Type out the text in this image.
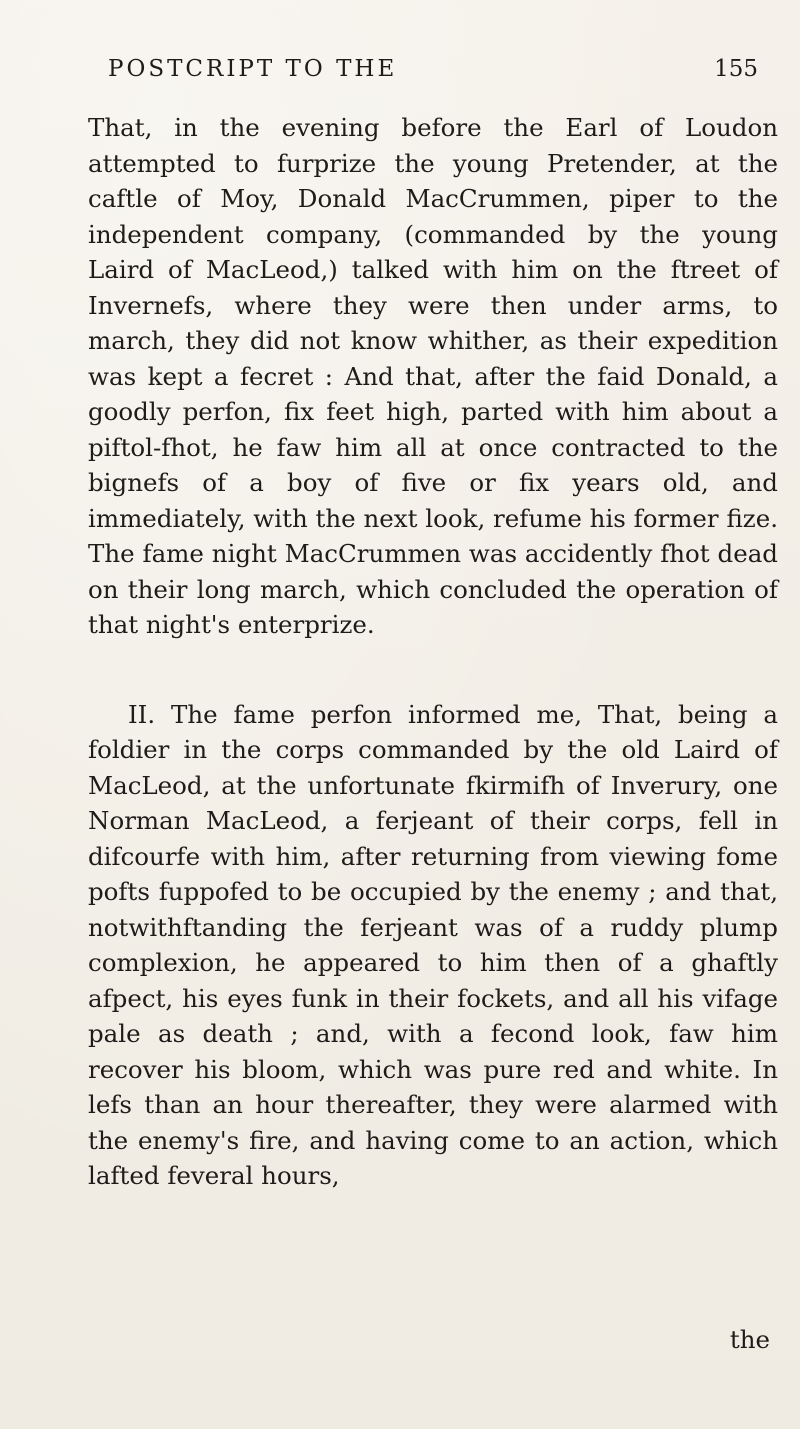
POSTCRIPT TO THE	155

That, in the evening before the Earl of Loudon attempted to furprize the young Pretender, at the caftle of Moy, Donald MacCrummen, piper to the independent company, (commanded by the young Laird of MacLeod,) talked with him on the ftreet of Invernefs, where they were then under arms, to march, they did not know whither, as their expedition was kept a fecret : And that, after the faid Donald, a goodly perfon, fix feet high, parted with him about a piftol-fhot, he faw him all at once contracted to the bignefs of a boy of five or fix years old, and immediately, with the next look, refume his former fize. The fame night MacCrummen was accidently fhot dead on their long march, which concluded the operation of that night's enterprize.

II. The fame perfon informed me, That, being a foldier in the corps commanded by the old Laird of MacLeod, at the unfortunate fkirmifh of Inverury, one Norman MacLeod, a ferjeant of their corps, fell in difcourfe with him, after returning from viewing fome pofts fuppofed to be occupied by the enemy ; and that, notwithftanding the ferjeant was of a ruddy plump complexion, he appeared to him then of a ghaftly afpect, his eyes funk in their fockets, and all his vifage pale as death ; and, with a fecond look, faw him recover his bloom, which was pure red and white. In lefs than an hour thereafter, they were alarmed with the enemy's fire, and having come to an action, which lafted feveral hours,

the
